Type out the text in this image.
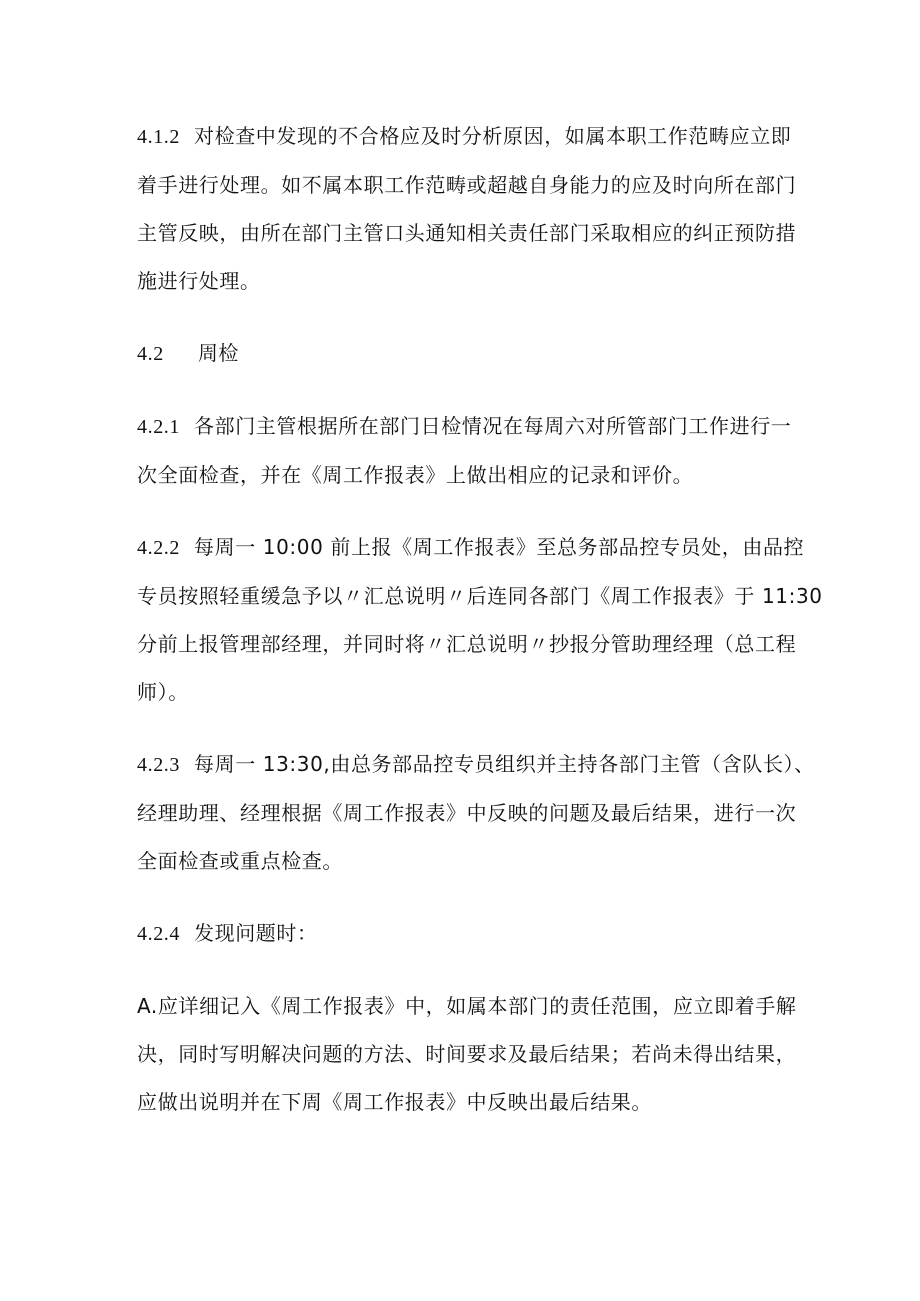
4.1.2 对检查中发现的不合格应及时分析原因，如属本职工作范畴应立即
着手进行处理。如不属本职工作范畴或超越自身能力的应及时向所在部门
主管反映，由所在部门主管口头通知相关责任部门采取相应的纠正预防措
施进行处理。
4.2 周检
4.2.1 各部门主管根据所在部门日检情况在每周六对所管部门工作进行一
次全面检查，并在《周工作报表》上做出相应的记录和评价。
4.2.2 每周一 10:00 前上报《周工作报表》至总务部品控专员处，由品控
专员按照轻重缓急予以〃汇总说明〃后连同各部门《周工作报表》于 11:30
分前上报管理部经理，并同时将〃汇总说明〃抄报分管助理经理（总工程
师）。
4.2.3 每周一 13:30,由总务部品控专员组织并主持各部门主管（含队长）、
经理助理、经理根据《周工作报表》中反映的问题及最后结果，进行一次
全面检查或重点检查。
4.2.4 发现问题时：
A.应详细记入《周工作报表》中，如属本部门的责任范围，应立即着手解
决，同时写明解决问题的方法、时间要求及最后结果；若尚未得出结果，
应做出说明并在下周《周工作报表》中反映出最后结果。
